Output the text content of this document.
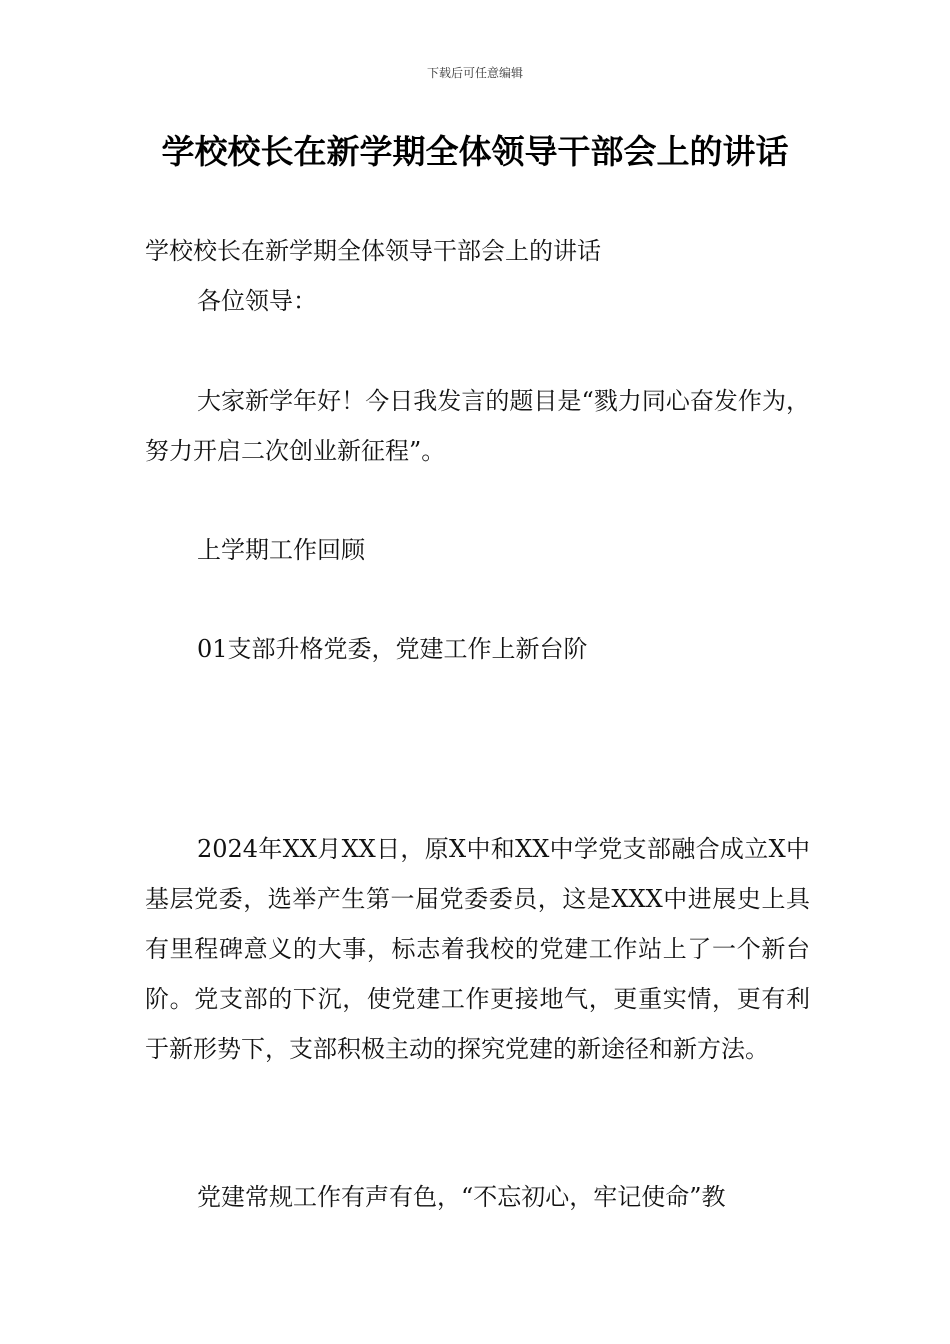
下载后可任意编辑
学校校长在新学期全体领导干部会上的讲话

学校校长在新学期全体领导干部会上的讲话

各位领导：

大家新学年好！今日我发言的题目是“戮力同心奋发作为，努力开启二次创业新征程”。

上学期工作回顾

01支部升格党委，党建工作上新台阶

2024年XX月XX日，原X中和XX中学党支部融合成立X中基层党委，选举产生第一届党委委员，这是XXX中进展史上具有里程碑意义的大事，标志着我校的党建工作站上了一个新台阶。党支部的下沉，使党建工作更接地气，更重实情，更有利于新形势下，支部积极主动的探究党建的新途径和新方法。

党建常规工作有声有色，“不忘初心，牢记使命”教
